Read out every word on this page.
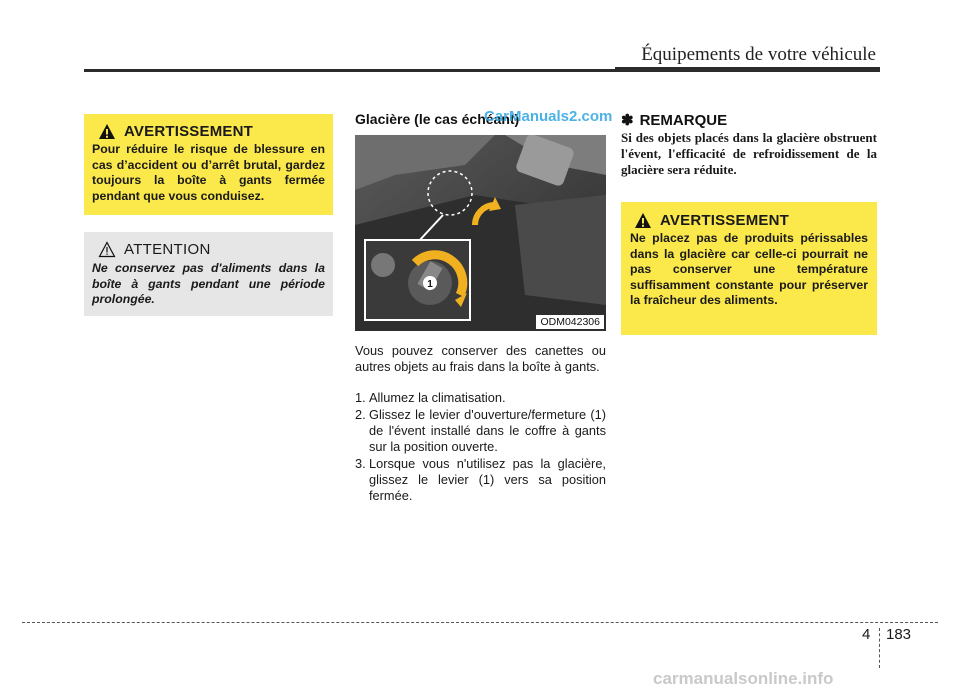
Équipements de votre véhicule
AVERTISSEMENT
Pour réduire le risque de blessure en cas d’accident ou d’arrêt brutal, gardez toujours la boîte à gants fermée pendant que vous conduisez.
ATTENTION
Ne conservez pas d'aliments dans la boîte à gants pendant une période prolongée.
Glacière (le cas échéant)
CarManuals2.com
1
ODM042306
Vous pouvez conserver des canettes ou autres objets au frais dans la boîte à gants.
1. Allumez la climatisation.
2. Glissez le levier d'ouverture/fermeture (1) de l'évent installé dans le coffre à gants sur la position ouverte.
3. Lorsque vous n'utilisez pas la glacière, glissez le levier (1) vers sa position fermée.
✽ REMARQUE
Si des objets placés dans la glacière obstruent l'évent, l'efficacité de refroidissement de la glacière sera réduite.
AVERTISSEMENT
Ne placez pas de produits périssables dans la glacière car celle-ci pourrait ne pas conserver une température suffisamment constante pour préserver la fraîcheur des aliments.
4 183
carmanualsonline.info
